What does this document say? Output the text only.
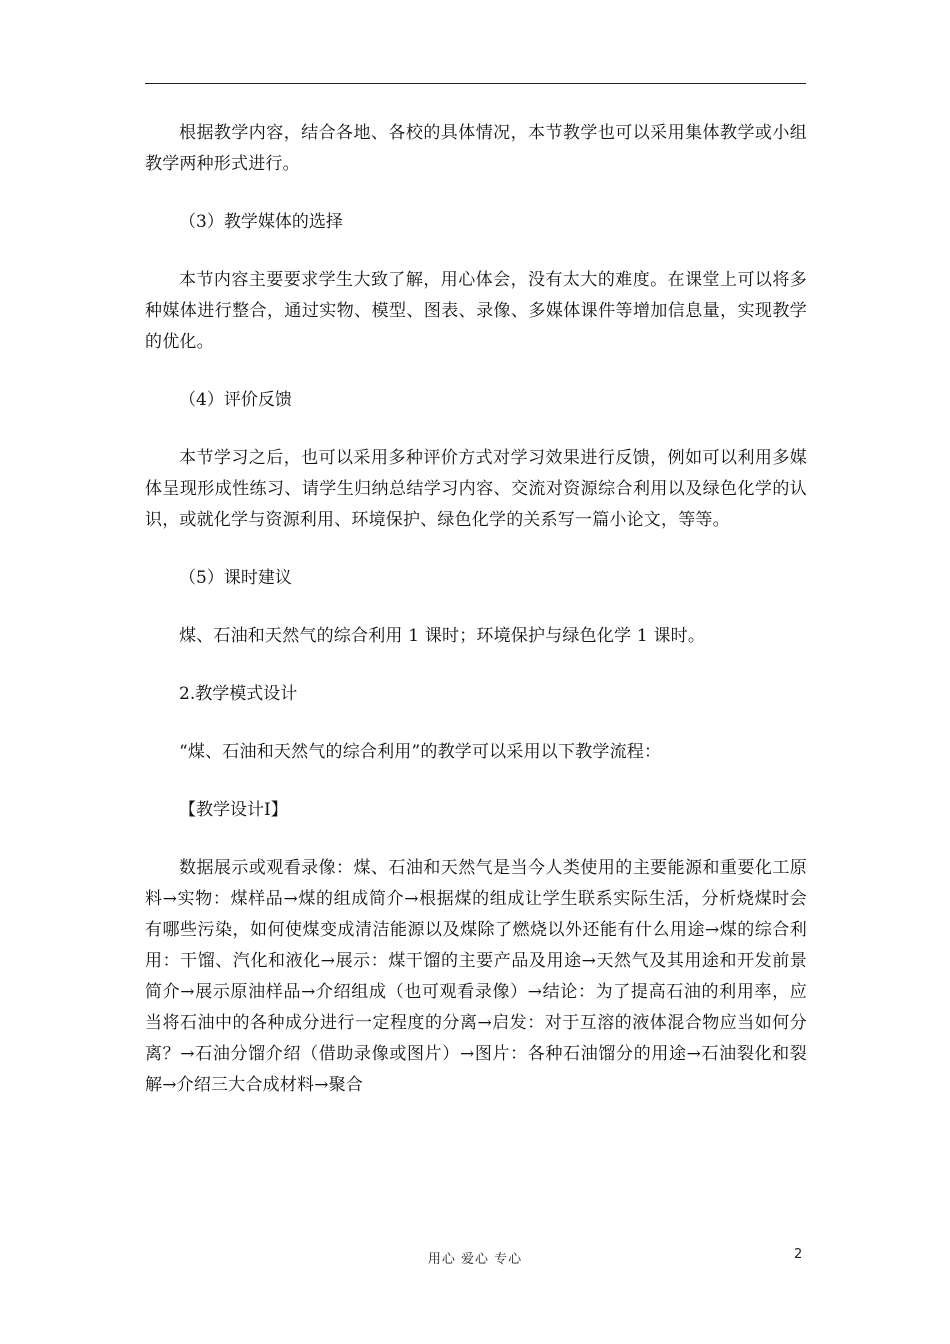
根据教学内容，结合各地、各校的具体情况，本节教学也可以采用集体教学或小组教学两种形式进行。

（3）教学媒体的选择

本节内容主要要求学生大致了解，用心体会，没有太大的难度。在课堂上可以将多种媒体进行整合，通过实物、模型、图表、录像、多媒体课件等增加信息量，实现教学的优化。

（4）评价反馈

本节学习之后，也可以采用多种评价方式对学习效果进行反馈，例如可以利用多媒体呈现形成性练习、请学生归纳总结学习内容、交流对资源综合利用以及绿色化学的认识，或就化学与资源利用、环境保护、绿色化学的关系写一篇小论文，等等。

（5）课时建议

煤、石油和天然气的综合利用 1 课时；环境保护与绿色化学 1 课时。

2.教学模式设计

“煤、石油和天然气的综合利用”的教学可以采用以下教学流程：

【教学设计Ⅰ】

数据展示或观看录像：煤、石油和天然气是当今人类使用的主要能源和重要化工原料→实物：煤样品→煤的组成简介→根据煤的组成让学生联系实际生活，分析烧煤时会有哪些污染，如何使煤变成清洁能源以及煤除了燃烧以外还能有什么用途→煤的综合利用：干馏、汽化和液化→展示：煤干馏的主要产品及用途→天然气及其用途和开发前景简介→展示原油样品→介绍组成（也可观看录像）→结论：为了提高石油的利用率，应当将石油中的各种成分进行一定程度的分离→启发：对于互溶的液体混合物应当如何分离？→石油分馏介绍（借助录像或图片）→图片：各种石油馏分的用途→石油裂化和裂解→介绍三大合成材料→聚合

用心 爱心 专心	2
